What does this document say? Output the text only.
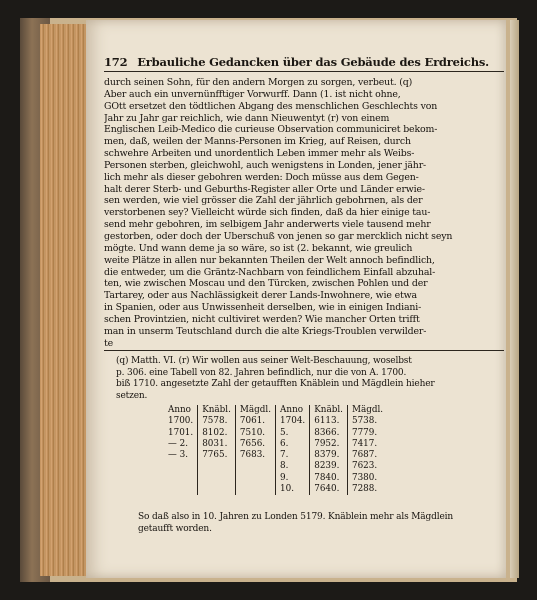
172 Erbauliche Gedancken über das Gebäude des Erdreichs.
durch seinen Sohn, für den andern Morgen zu sorgen, verbeut. (q)
Aber auch ein unvernünfftiger Vorwurff. Dann (1. ist nicht ohne,
GOtt ersetzet den tödtlichen Abgang des menschlichen Geschlechts von
Jahr zu Jahr gar reichlich, wie dann Nieuwentyt (r) von einem
Englischen Leib-Medico die curieuse Observation communiciret bekom-
men, daß, weilen der Manns-Personen im Krieg, auf Reisen, durch
schwehre Arbeiten und unordentlich Leben immer mehr als Weibs-
Personen sterben, gleichwohl, auch wenigstens in Londen, jener jähr-
lich mehr als dieser gebohren werden: Doch müsse aus dem Gegen-
halt derer Sterb- und Geburths-Register aller Orte und Länder erwie-
sen werden, wie viel grösser die Zahl der jährlich gebohrnen, als der
verstorbenen sey? Vielleicht würde sich finden, daß da hier einige tau-
send mehr gebohren, im selbigem Jahr anderwerts viele tausend mehr
gestorben, oder doch der Uberschuß von jenen so gar mercklich nicht seyn
mögte. Und wann deme ja so wäre, so ist (2. bekannt, wie greulich
weite Plätze in allen nur bekannten Theilen der Welt annoch befindlich,
die entweder, um die Gräntz-Nachbarn von feindlichem Einfall abzuhal-
ten, wie zwischen Moscau und den Türcken, zwischen Pohlen und der
Tartarey, oder aus Nachlässigkeit derer Lands-Inwohnere, wie etwa
in Spanien, oder aus Unwissenheit derselben, wie in einigen Indiani-
schen Provintzien, nicht cultiviret werden? Wie mancher Orten trifft
man in unserm Teutschland durch die alte Kriegs-Troublen verwilder-
te
(q) Matth. VI. (r) Wir wollen aus seiner Welt-Beschauung, woselbst
p. 306. eine Tabell von 82. Jahren befindlich, nur die von A. 1700.
biß 1710. angesetzte Zahl der getaufften Knäblein und Mägdlein hieher
setzen.
Anno	Knäbl.	Mägdl.	Anno	Knäbl.	Mägdl.
1700.	7578.	7061.	1704.	6113.	5738.
1701.	8102.	7510.	5.	8366.	7779.
— 2.	8031.	7656.	6.	7952.	7417.
— 3.	7765.	7683.	7.	8379.	7687.
			8.	8239.	7623.
			9.	7840.	7380.
			10.	7640.	7288.
So daß also in 10. Jahren zu Londen 5179. Knäblein mehr als Mägdlein
getaufft worden.
